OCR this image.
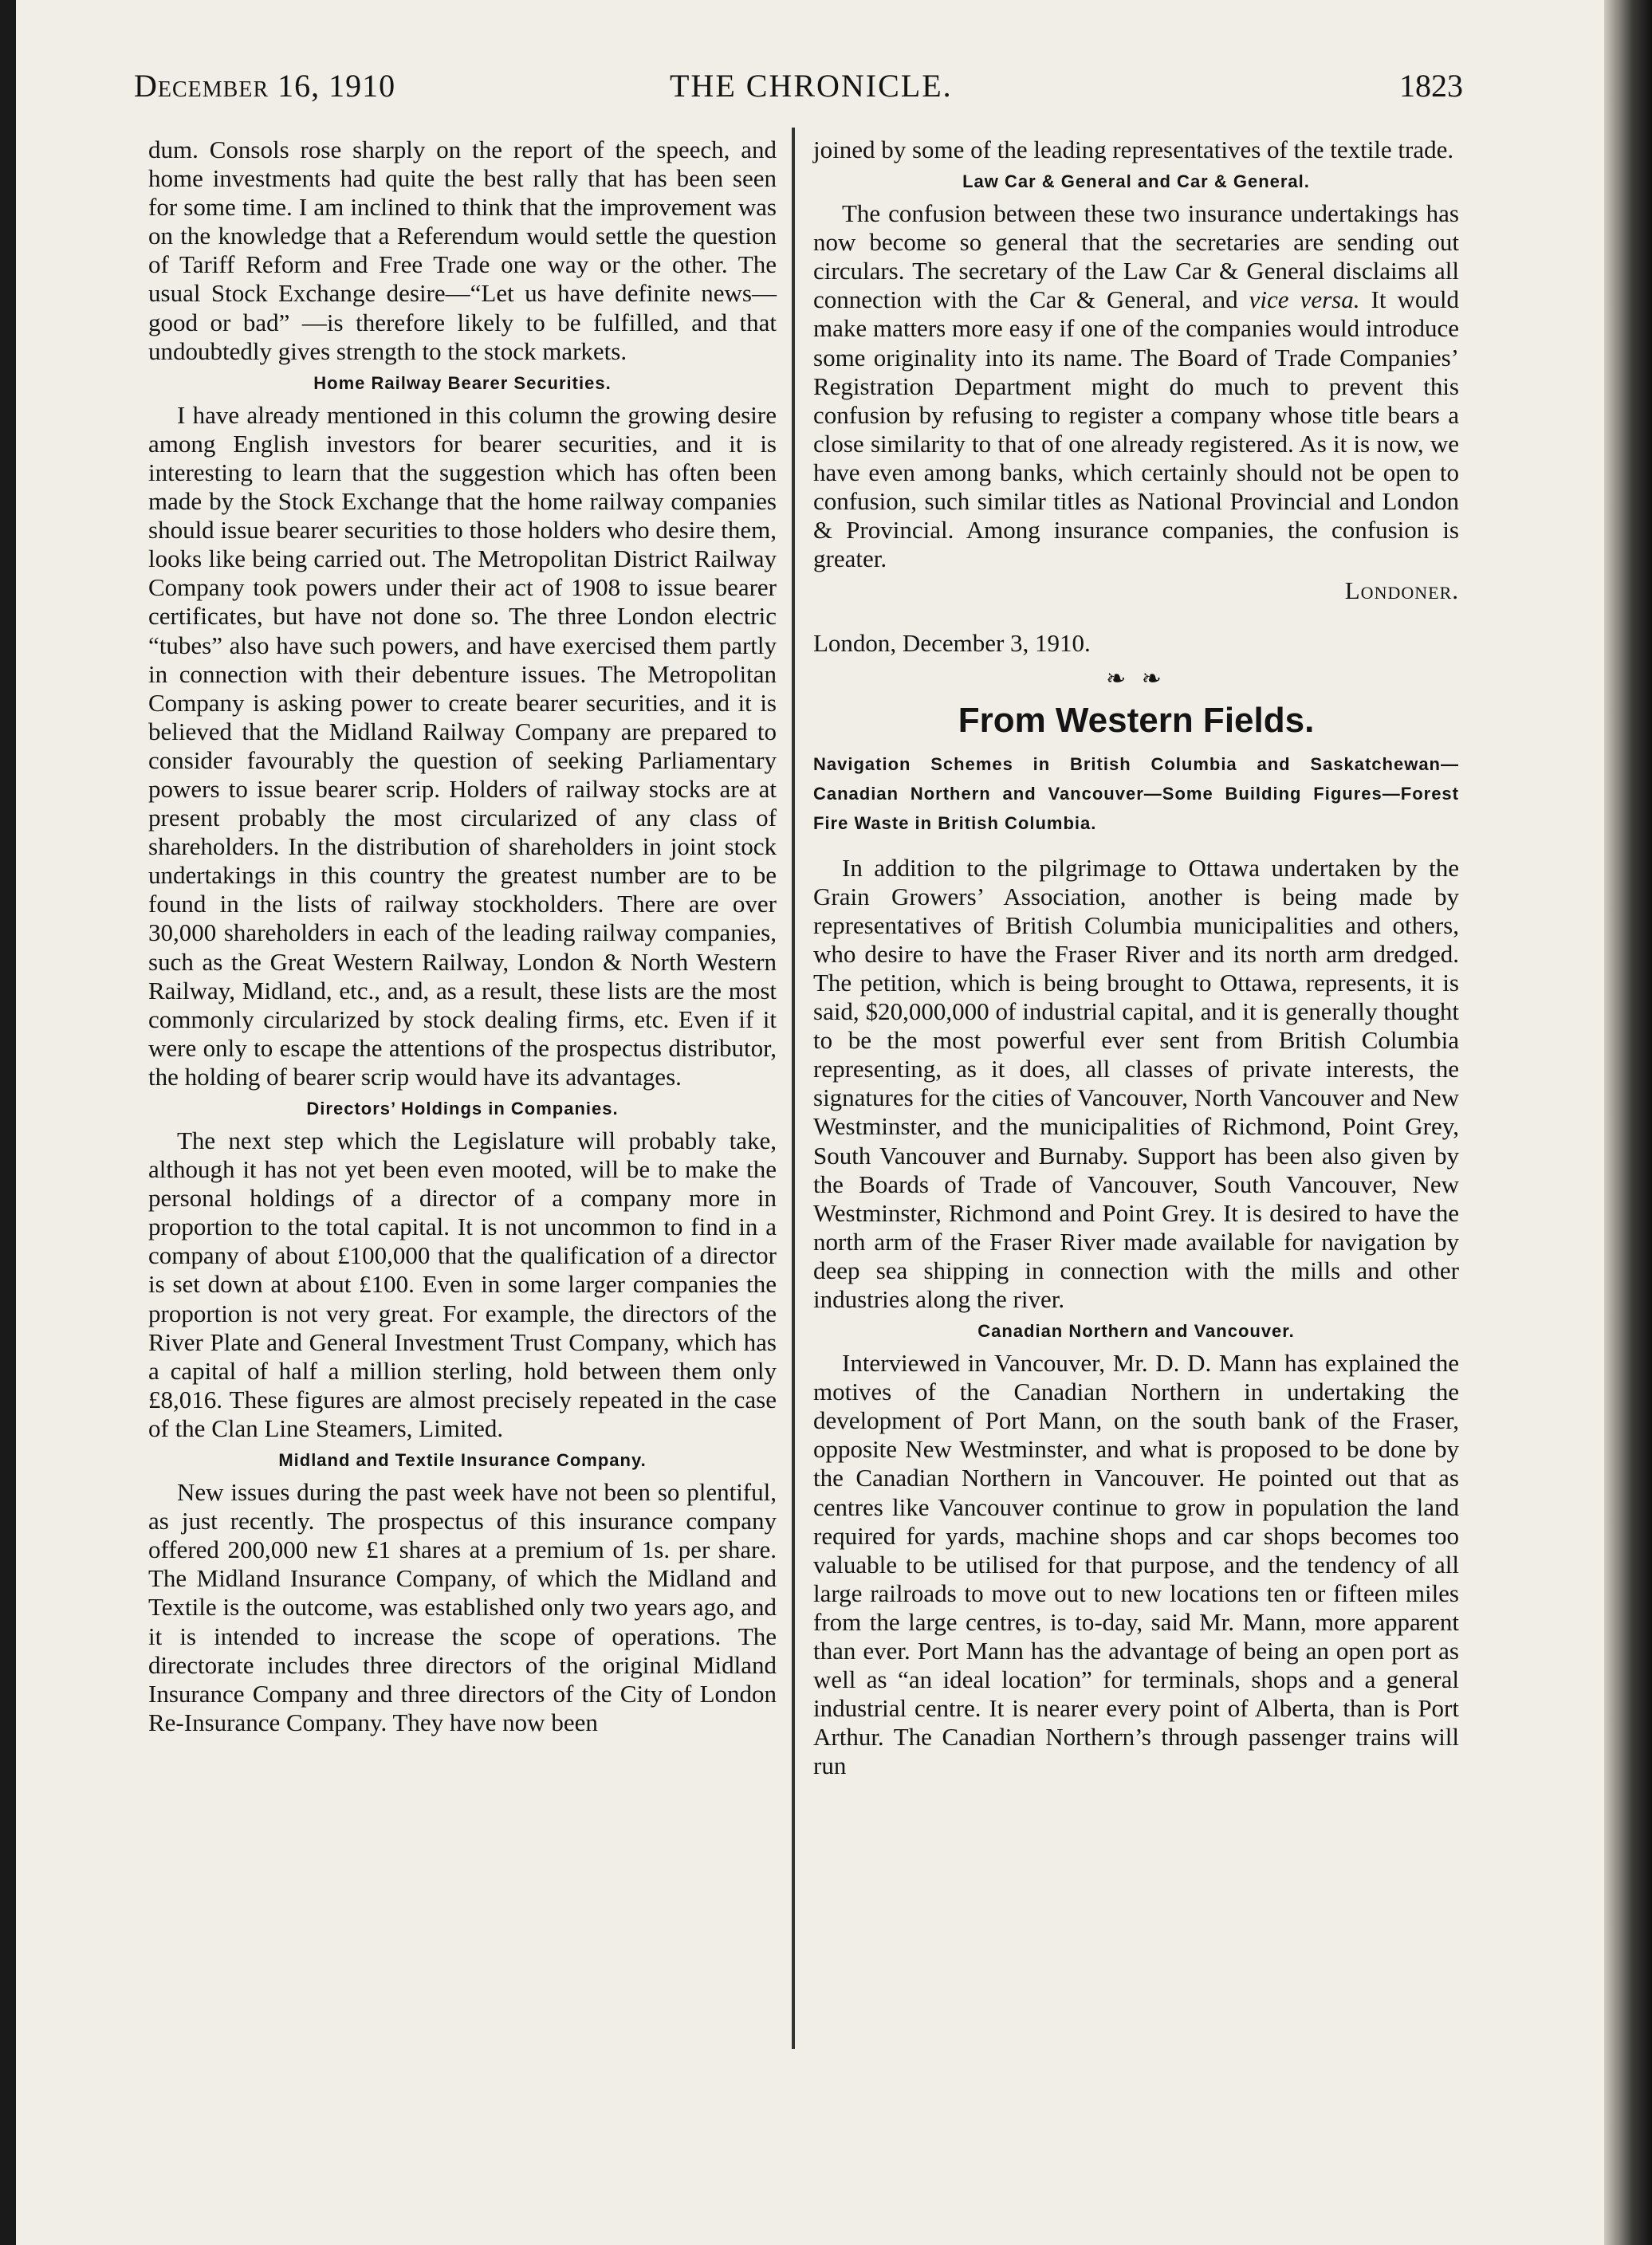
December 16, 1910	THE CHRONICLE.	1823

dum. Consols rose sharply on the report of the speech, and home investments had quite the best rally that has been seen for some time. I am inclined to think that the improvement was on the knowledge that a Referendum would settle the question of Tariff Reform and Free Trade one way or the other. The usual Stock Exchange desire—“Let us have definite news—good or bad” —is therefore likely to be fulfilled, and that undoubtedly gives strength to the stock markets.

Home Railway Bearer Securities.

I have already mentioned in this column the growing desire among English investors for bearer securities, and it is interesting to learn that the suggestion which has often been made by the Stock Exchange that the home railway companies should issue bearer securities to those holders who desire them, looks like being carried out. The Metropolitan District Railway Company took powers under their act of 1908 to issue bearer certificates, but have not done so. The three London electric “tubes” also have such powers, and have exercised them partly in connection with their debenture issues. The Metropolitan Company is asking power to create bearer securities, and it is believed that the Midland Railway Company are prepared to consider favourably the question of seeking Parliamentary powers to issue bearer scrip. Holders of railway stocks are at present probably the most circularized of any class of shareholders. In the distribution of shareholders in joint stock undertakings in this country the greatest number are to be found in the lists of railway stockholders. There are over 30,000 shareholders in each of the leading railway companies, such as the Great Western Railway, London & North Western Railway, Midland, etc., and, as a result, these lists are the most commonly circularized by stock dealing firms, etc. Even if it were only to escape the attentions of the prospectus distributor, the holding of bearer scrip would have its advantages.

Directors’ Holdings in Companies.

The next step which the Legislature will probably take, although it has not yet been even mooted, will be to make the personal holdings of a director of a company more in proportion to the total capital. It is not uncommon to find in a company of about £100,000 that the qualification of a director is set down at about £100. Even in some larger companies the proportion is not very great. For example, the directors of the River Plate and General Investment Trust Company, which has a capital of half a million sterling, hold between them only £8,016. These figures are almost precisely repeated in the case of the Clan Line Steamers, Limited.

Midland and Textile Insurance Company.

New issues during the past week have not been so plentiful, as just recently. The prospectus of this insurance company offered 200,000 new £1 shares at a premium of 1s. per share. The Midland Insurance Company, of which the Midland and Textile is the outcome, was established only two years ago, and it is intended to increase the scope of operations. The directorate includes three directors of the original Midland Insurance Company and three directors of the City of London Re-Insurance Company. They have now been

joined by some of the leading representatives of the textile trade.

Law Car & General and Car & General.

The confusion between these two insurance undertakings has now become so general that the secretaries are sending out circulars. The secretary of the Law Car & General disclaims all connection with the Car & General, and vice versa. It would make matters more easy if one of the companies would introduce some originality into its name. The Board of Trade Companies’ Registration Department might do much to prevent this confusion by refusing to register a company whose title bears a close similarity to that of one already registered. As it is now, we have even among banks, which certainly should not be open to confusion, such similar titles as National Provincial and London & Provincial. Among insurance companies, the confusion is greater.

Londoner.

London, December 3, 1910.

❧ ❧
From Western Fields.
Navigation Schemes in British Columbia and Saskatchewan—Canadian Northern and Vancouver—Some Building Figures—Forest Fire Waste in British Columbia.

In addition to the pilgrimage to Ottawa undertaken by the Grain Growers’ Association, another is being made by representatives of British Columbia municipalities and others, who desire to have the Fraser River and its north arm dredged. The petition, which is being brought to Ottawa, represents, it is said, $20,000,000 of industrial capital, and it is generally thought to be the most powerful ever sent from British Columbia representing, as it does, all classes of private interests, the signatures for the cities of Vancouver, North Vancouver and New Westminster, and the municipalities of Richmond, Point Grey, South Vancouver and Burnaby. Support has been also given by the Boards of Trade of Vancouver, South Vancouver, New Westminster, Richmond and Point Grey. It is desired to have the north arm of the Fraser River made available for navigation by deep sea shipping in connection with the mills and other industries along the river.

Canadian Northern and Vancouver.

Interviewed in Vancouver, Mr. D. D. Mann has explained the motives of the Canadian Northern in undertaking the development of Port Mann, on the south bank of the Fraser, opposite New Westminster, and what is proposed to be done by the Canadian Northern in Vancouver. He pointed out that as centres like Vancouver continue to grow in population the land required for yards, machine shops and car shops becomes too valuable to be utilised for that purpose, and the tendency of all large railroads to move out to new locations ten or fifteen miles from the large centres, is to-day, said Mr. Mann, more apparent than ever. Port Mann has the advantage of being an open port as well as “an ideal location” for terminals, shops and a general industrial centre. It is nearer every point of Alberta, than is Port Arthur. The Canadian Northern’s through passenger trains will run
